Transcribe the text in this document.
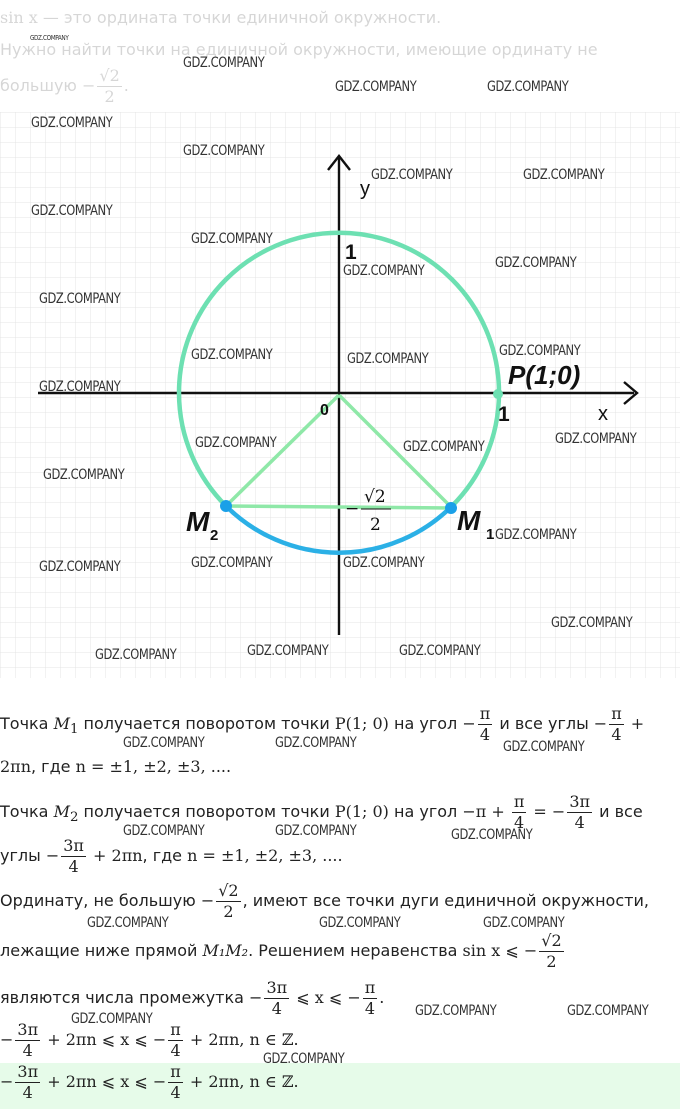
sin x — это ордината точки единичной окружности.
Нужно найти точки на единичной окружности, имеющие ординату не
большую − $\frac{√2}{2}$ .
y
x
1
1
0
P(1;0)
M 1
M 2
−
√2
2
Точка $M_1$ получается поворотом точки P(1; 0) на угол − $\frac{\pi}{4}$ и все углы − $\frac{\pi}{4}$ +
2πn, где n = ±1, ±2, ±3, ....
Точка $M_2$ получается поворотом точки P(1; 0) на угол $-\pi + \frac{\pi}{4}$ = − $\frac{3\pi}{4}$ и все
углы − $\frac{3\pi}{4} + 2\pi n$, где n = ±1, ±2, ±3, ....
Ординату, не большую − $\frac{√2}{2}$ , имеют все точки дуги единичной окружности,
лежащие ниже прямой M₁M₂. Решением неравенства sin x ⩽ − $\frac{√2}{2}$
являются числа промежутка − $\frac{3\pi}{4}$ ⩽ x ⩽ − $\frac{\pi}{4}$ .
− $\frac{3\pi}{4} + 2\pi n$ ⩽ x ⩽ − $\frac{\pi}{4} + 2\pi n$, n ∈ ℤ.
− $\frac{3\pi}{4} + 2\pi n$ ⩽ x ⩽ − $\frac{\pi}{4} + 2\pi n$, n ∈ ℤ.
GDZ.COMPANY
GDZ.COMPANY
GDZ.COMPANY	GDZ.COMPANY
GDZ.COMPANY
GDZ.COMPANY
GDZ.COMPANY	GDZ.COMPANY
GDZ.COMPANY
GDZ.COMPANY
GDZ.COMPANY
GDZ.COMPANY
GDZ.COMPANY
GDZ.COMPANY	GDZ.COMPANY
GDZ.COMPANY
GDZ.COMPANY
GDZ.COMPANY
GDZ.COMPANY	GDZ.COMPANY
GDZ.COMPANY
GDZ.COMPANY
GDZ.COMPANY	GDZ.COMPANY
GDZ.COMPANY
GDZ.COMPANY
GDZ.COMPANY	GDZ.COMPANY
GDZ.COMPANY
GDZ.COMPANY	GDZ.COMPANY	GDZ.COMPANY
GDZ.COMPANY	GDZ.COMPANY	GDZ.COMPANY
GDZ.COMPANY	GDZ.COMPANY	GDZ.COMPANY
GDZ.COMPANY	GDZ.COMPANY
GDZ.COMPANY
GDZ.COMPANY
